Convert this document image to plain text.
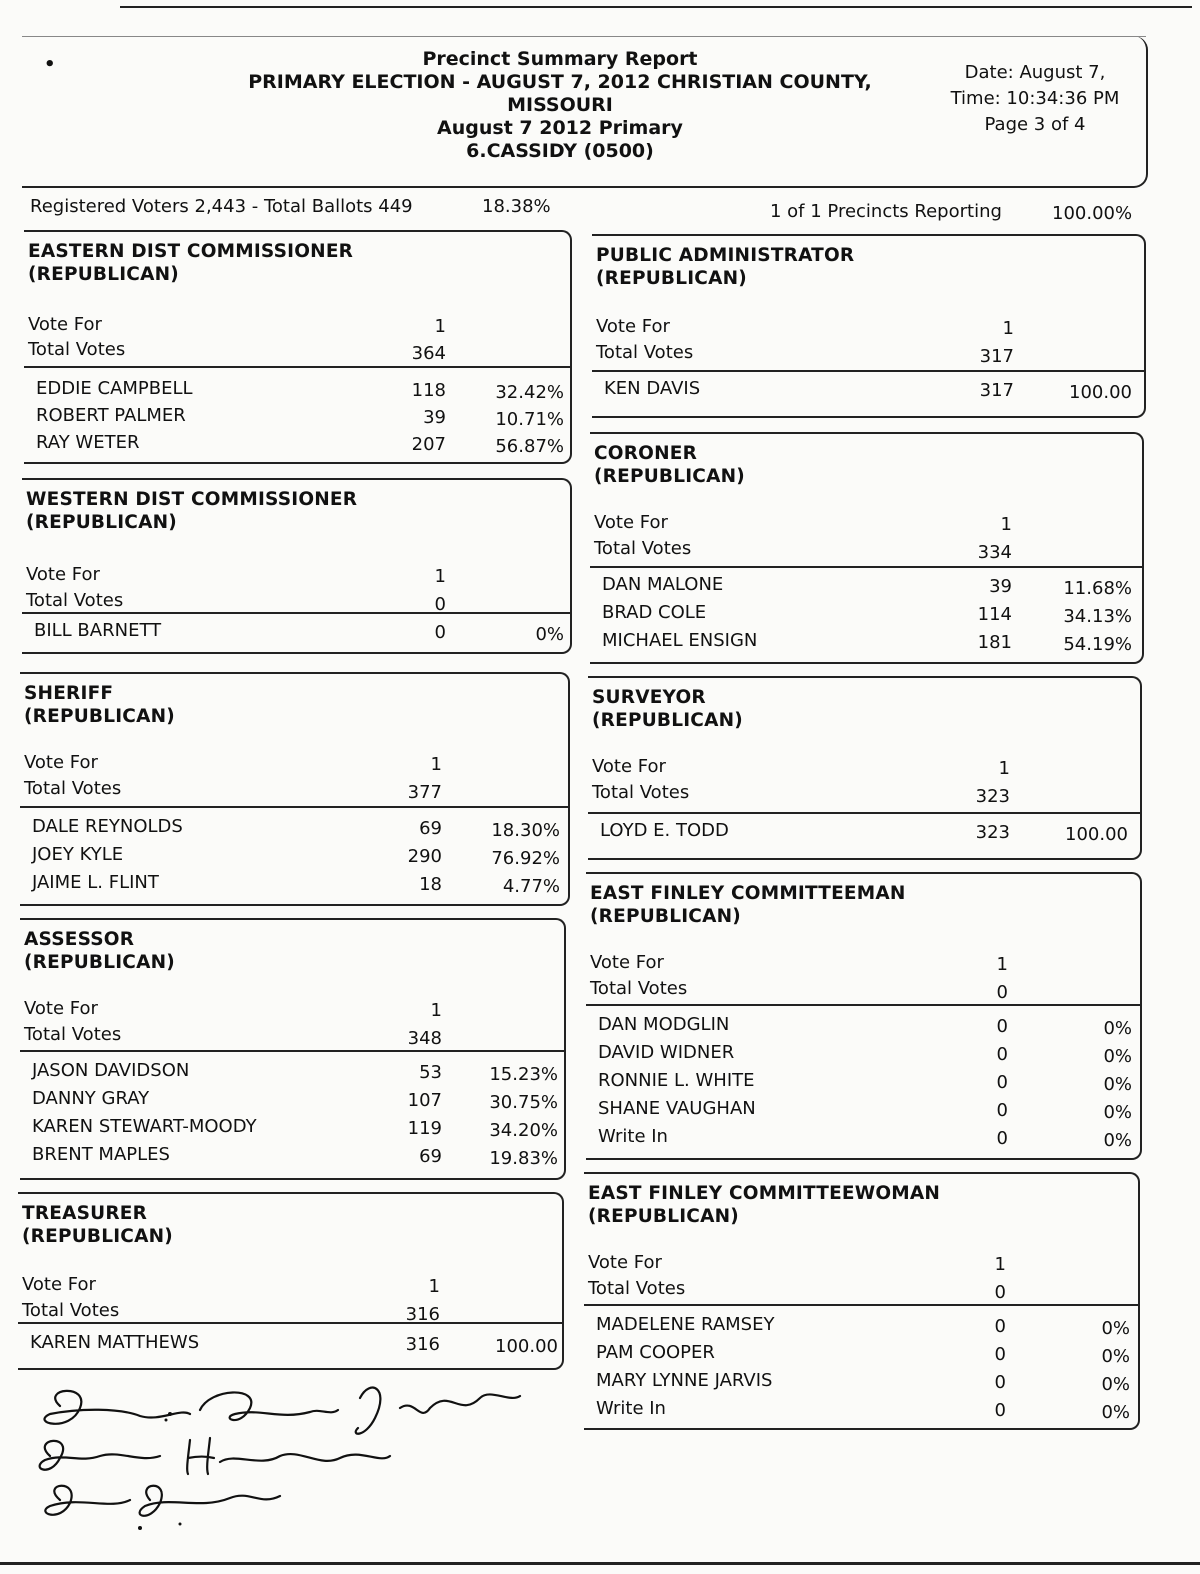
•	Precinct Summary Report
PRIMARY ELECTION - AUGUST 7, 2012 CHRISTIAN COUNTY,
MISSOURI
August 7 2012 Primary
6.CASSIDY (0500)
Date: August 7,
Time: 10:34:36 PM
Page 3 of 4
Registered Voters 2,443 - Total Ballots 449	18.38%	1 of 1 Precincts Reporting	100.00%
EASTERN DIST COMMISSIONER
(REPUBLICAN)
Vote For	1
Total Votes	364
EDDIE CAMPBELL	118	32.42%
ROBERT PALMER	39	10.71%
RAY WETER	207	56.87%
WESTERN DIST COMMISSIONER
(REPUBLICAN)
Vote For	1
Total Votes	0
BILL BARNETT	0	0%
SHERIFF
(REPUBLICAN)
Vote For	1
Total Votes	377
DALE REYNOLDS	69	18.30%
JOEY KYLE	290	76.92%
JAIME L. FLINT	18	4.77%
ASSESSOR
(REPUBLICAN)
Vote For	1
Total Votes	348
JASON DAVIDSON	53	15.23%
DANNY GRAY	107	30.75%
KAREN STEWART-MOODY	119	34.20%
BRENT MAPLES	69	19.83%
TREASURER
(REPUBLICAN)
Vote For	1
Total Votes	316
KAREN MATTHEWS	316	100.00
PUBLIC ADMINISTRATOR
(REPUBLICAN)
Vote For	1
Total Votes	317
KEN DAVIS	317	100.00
CORONER
(REPUBLICAN)
Vote For	1
Total Votes	334
DAN MALONE	39	11.68%
BRAD COLE	114	34.13%
MICHAEL ENSIGN	181	54.19%
SURVEYOR
(REPUBLICAN)
Vote For	1
Total Votes	323
LOYD E. TODD	323	100.00
EAST FINLEY COMMITTEEMAN
(REPUBLICAN)
Vote For	1
Total Votes	0
DAN MODGLIN	0	0%
DAVID WIDNER	0	0%
RONNIE L. WHITE	0	0%
SHANE VAUGHAN	0	0%
Write In	0	0%
EAST FINLEY COMMITTEEWOMAN
(REPUBLICAN)
Vote For	1
Total Votes	0
MADELENE RAMSEY	0	0%
PAM COOPER	0	0%
MARY LYNNE JARVIS	0	0%
Write In	0	0%
